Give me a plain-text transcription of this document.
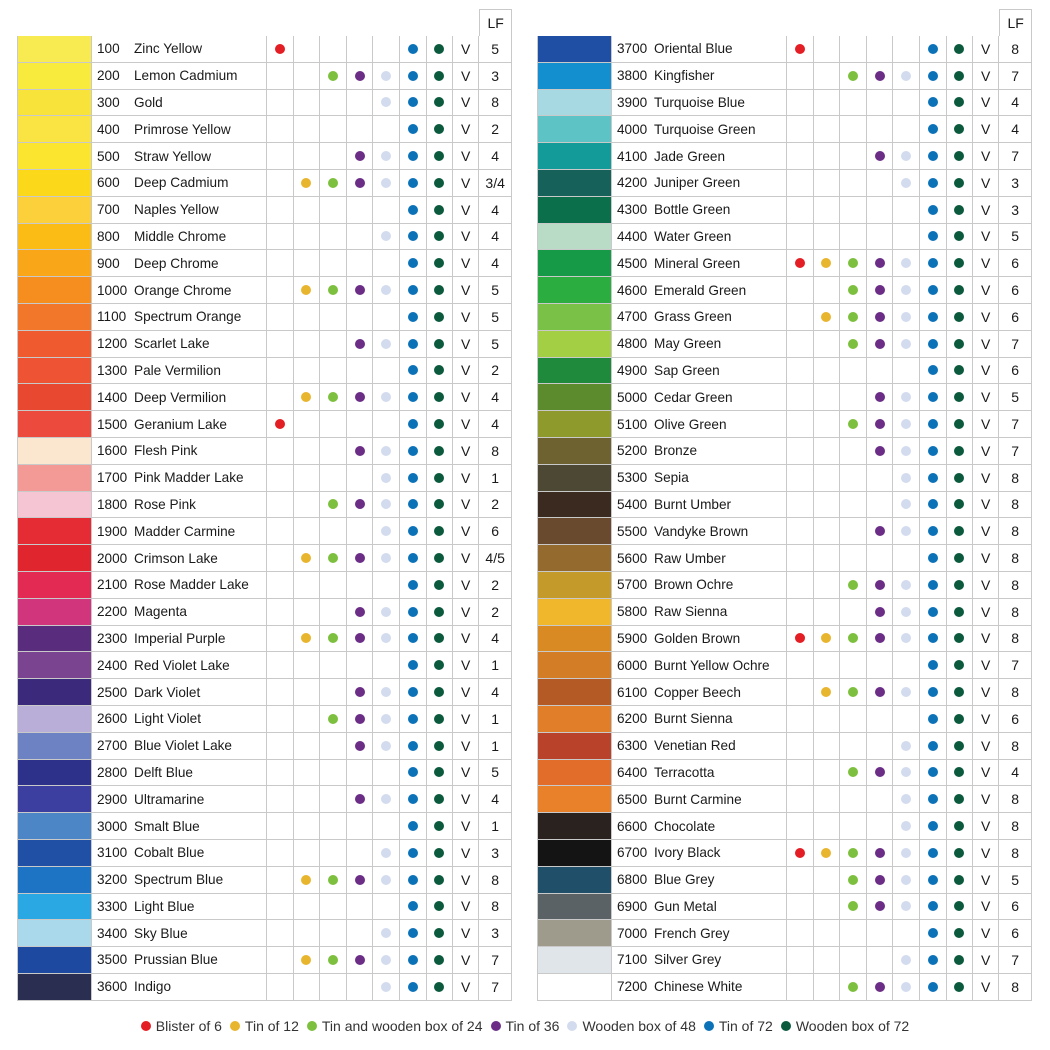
LF
100	Zinc Yellow	V	5
200	Lemon Cadmium	V	3
300	Gold	V	8
400	Primrose Yellow	V	2
500	Straw Yellow	V	4
600	Deep Cadmium	V	3/4
700	Naples Yellow	V	4
800	Middle Chrome	V	4
900	Deep Chrome	V	4
1000 Orange Chrome	V	5
1100 Spectrum Orange	V	5
1200 Scarlet Lake	V	5
1300 Pale Vermilion	V	2
1400 Deep Vermilion	V	4
1500 Geranium Lake	V	4
1600 Flesh Pink	V	8
1700 Pink Madder Lake	V	1
1800 Rose Pink	V	2
1900 Madder Carmine	V	6
2000 Crimson Lake	V	4/5
2100 Rose Madder Lake	V	2
2200 Magenta	V	2
2300 Imperial Purple	V	4
2400 Red Violet Lake	V	1
2500 Dark Violet	V	4
2600 Light Violet	V	1
2700 Blue Violet Lake	V	1
2800 Delft Blue	V	5
2900 Ultramarine	V	4
3000 Smalt Blue	V	1
3100 Cobalt Blue	V	3
3200 Spectrum Blue	V	8
3300 Light Blue	V	8
3400 Sky Blue	V	3
3500 Prussian Blue	V	7
3600 Indigo	V	7
LF
3700 Oriental Blue	V	8
3800 Kingfisher	V	7
3900 Turquoise Blue	V	4
4000 Turquoise Green	V	4
4100 Jade Green	V	7
4200 Juniper Green	V	3
4300 Bottle Green	V	3
4400 Water Green	V	5
4500 Mineral Green	V	6
4600 Emerald Green	V	6
4700 Grass Green	V	6
4800 May Green	V	7
4900 Sap Green	V	6
5000 Cedar Green	V	5
5100 Olive Green	V	7
5200 Bronze	V	7
5300 Sepia	V	8
5400 Burnt Umber	V	8
5500 Vandyke Brown	V	8
5600 Raw Umber	V	8
5700 Brown Ochre	V	8
5800 Raw Sienna	V	8
5900 Golden Brown	V	8
6000 Burnt Yellow Ochre	V	7
6100 Copper Beech	V	8
6200 Burnt Sienna	V	6
6300 Venetian Red	V	8
6400 Terracotta	V	4
6500 Burnt Carmine	V	8
6600 Chocolate	V	8
6700 Ivory Black	V	8
6800 Blue Grey	V	5
6900 Gun Metal	V	6
7000 French Grey	V	6
7100 Silver Grey	V	7
7200 Chinese White	V	8
Blister of 6 Tin of 12 Tin and wooden box of 24 Tin of 36 Wooden box of 48 Tin of 72 Wooden box of 72
